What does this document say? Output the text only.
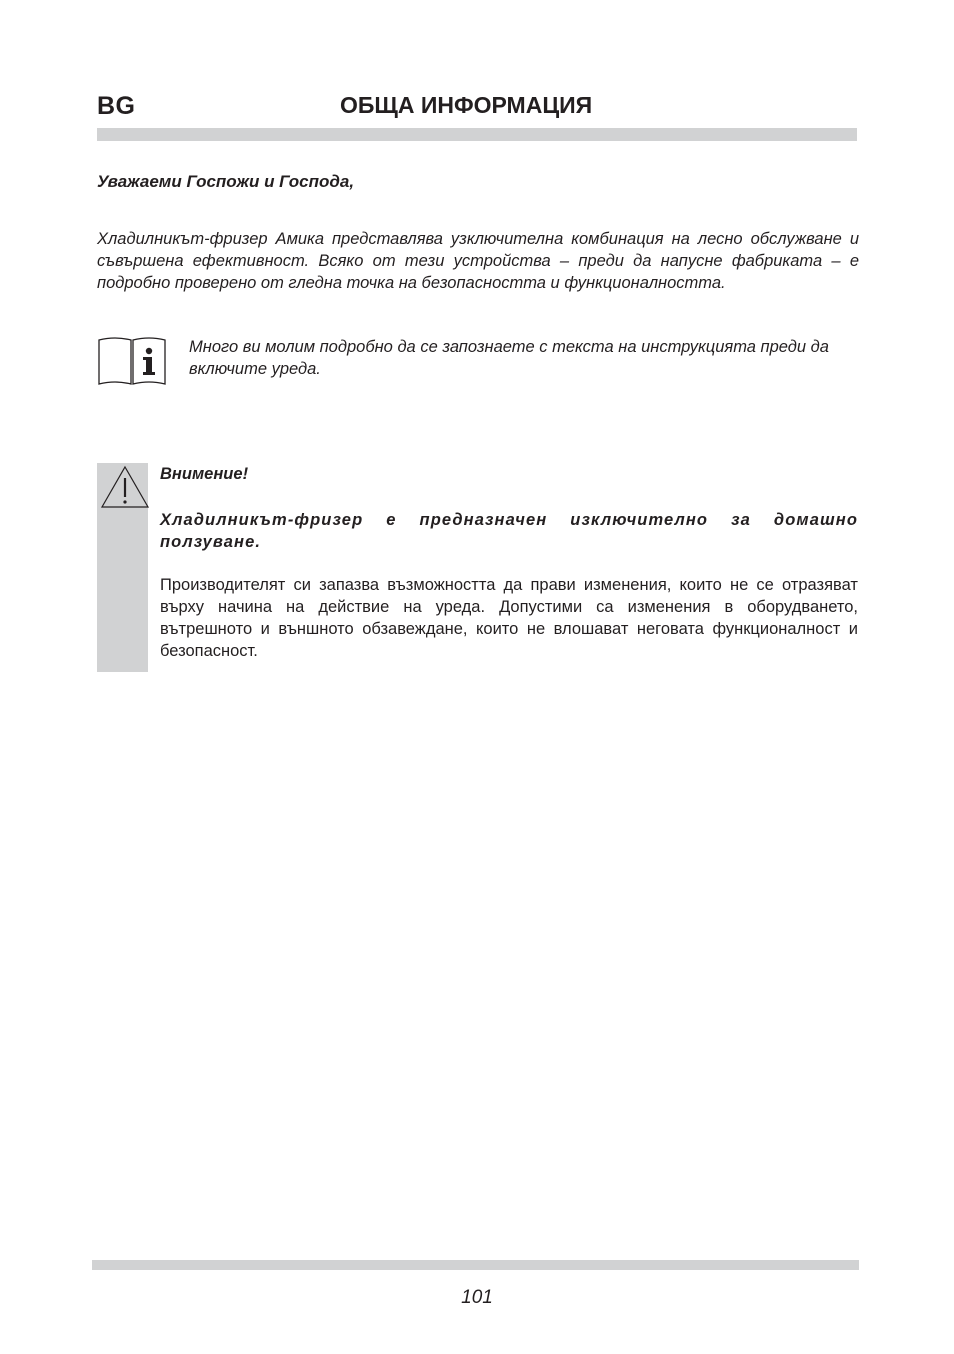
BG	ОБЩА ИНФОРМАЦИЯ
Уважаеми Госпожи и Господа,
Хладилникът-фризер Амика представлява узключителна комбинация на лесно обслужване и съвършена ефективност. Всяко от тези устройства – преди да напусне фабриката – е подробно проверено от гледна точка на безопасността и функционалността.
Много ви молим подробно да се запознаете с текста на инструкцията преди да включите уреда.
Внимение!
Хладилникът-фризер е предназначен изключително за домашно ползуване.
Производителят си запазва възможността да прави изменения, които не се отразяват върху начина на действие на уреда. Допустими са изменения в оборудването, вътрешното и външното обзавеждане, които не влошават неговата функционалност и безопасност.
101
